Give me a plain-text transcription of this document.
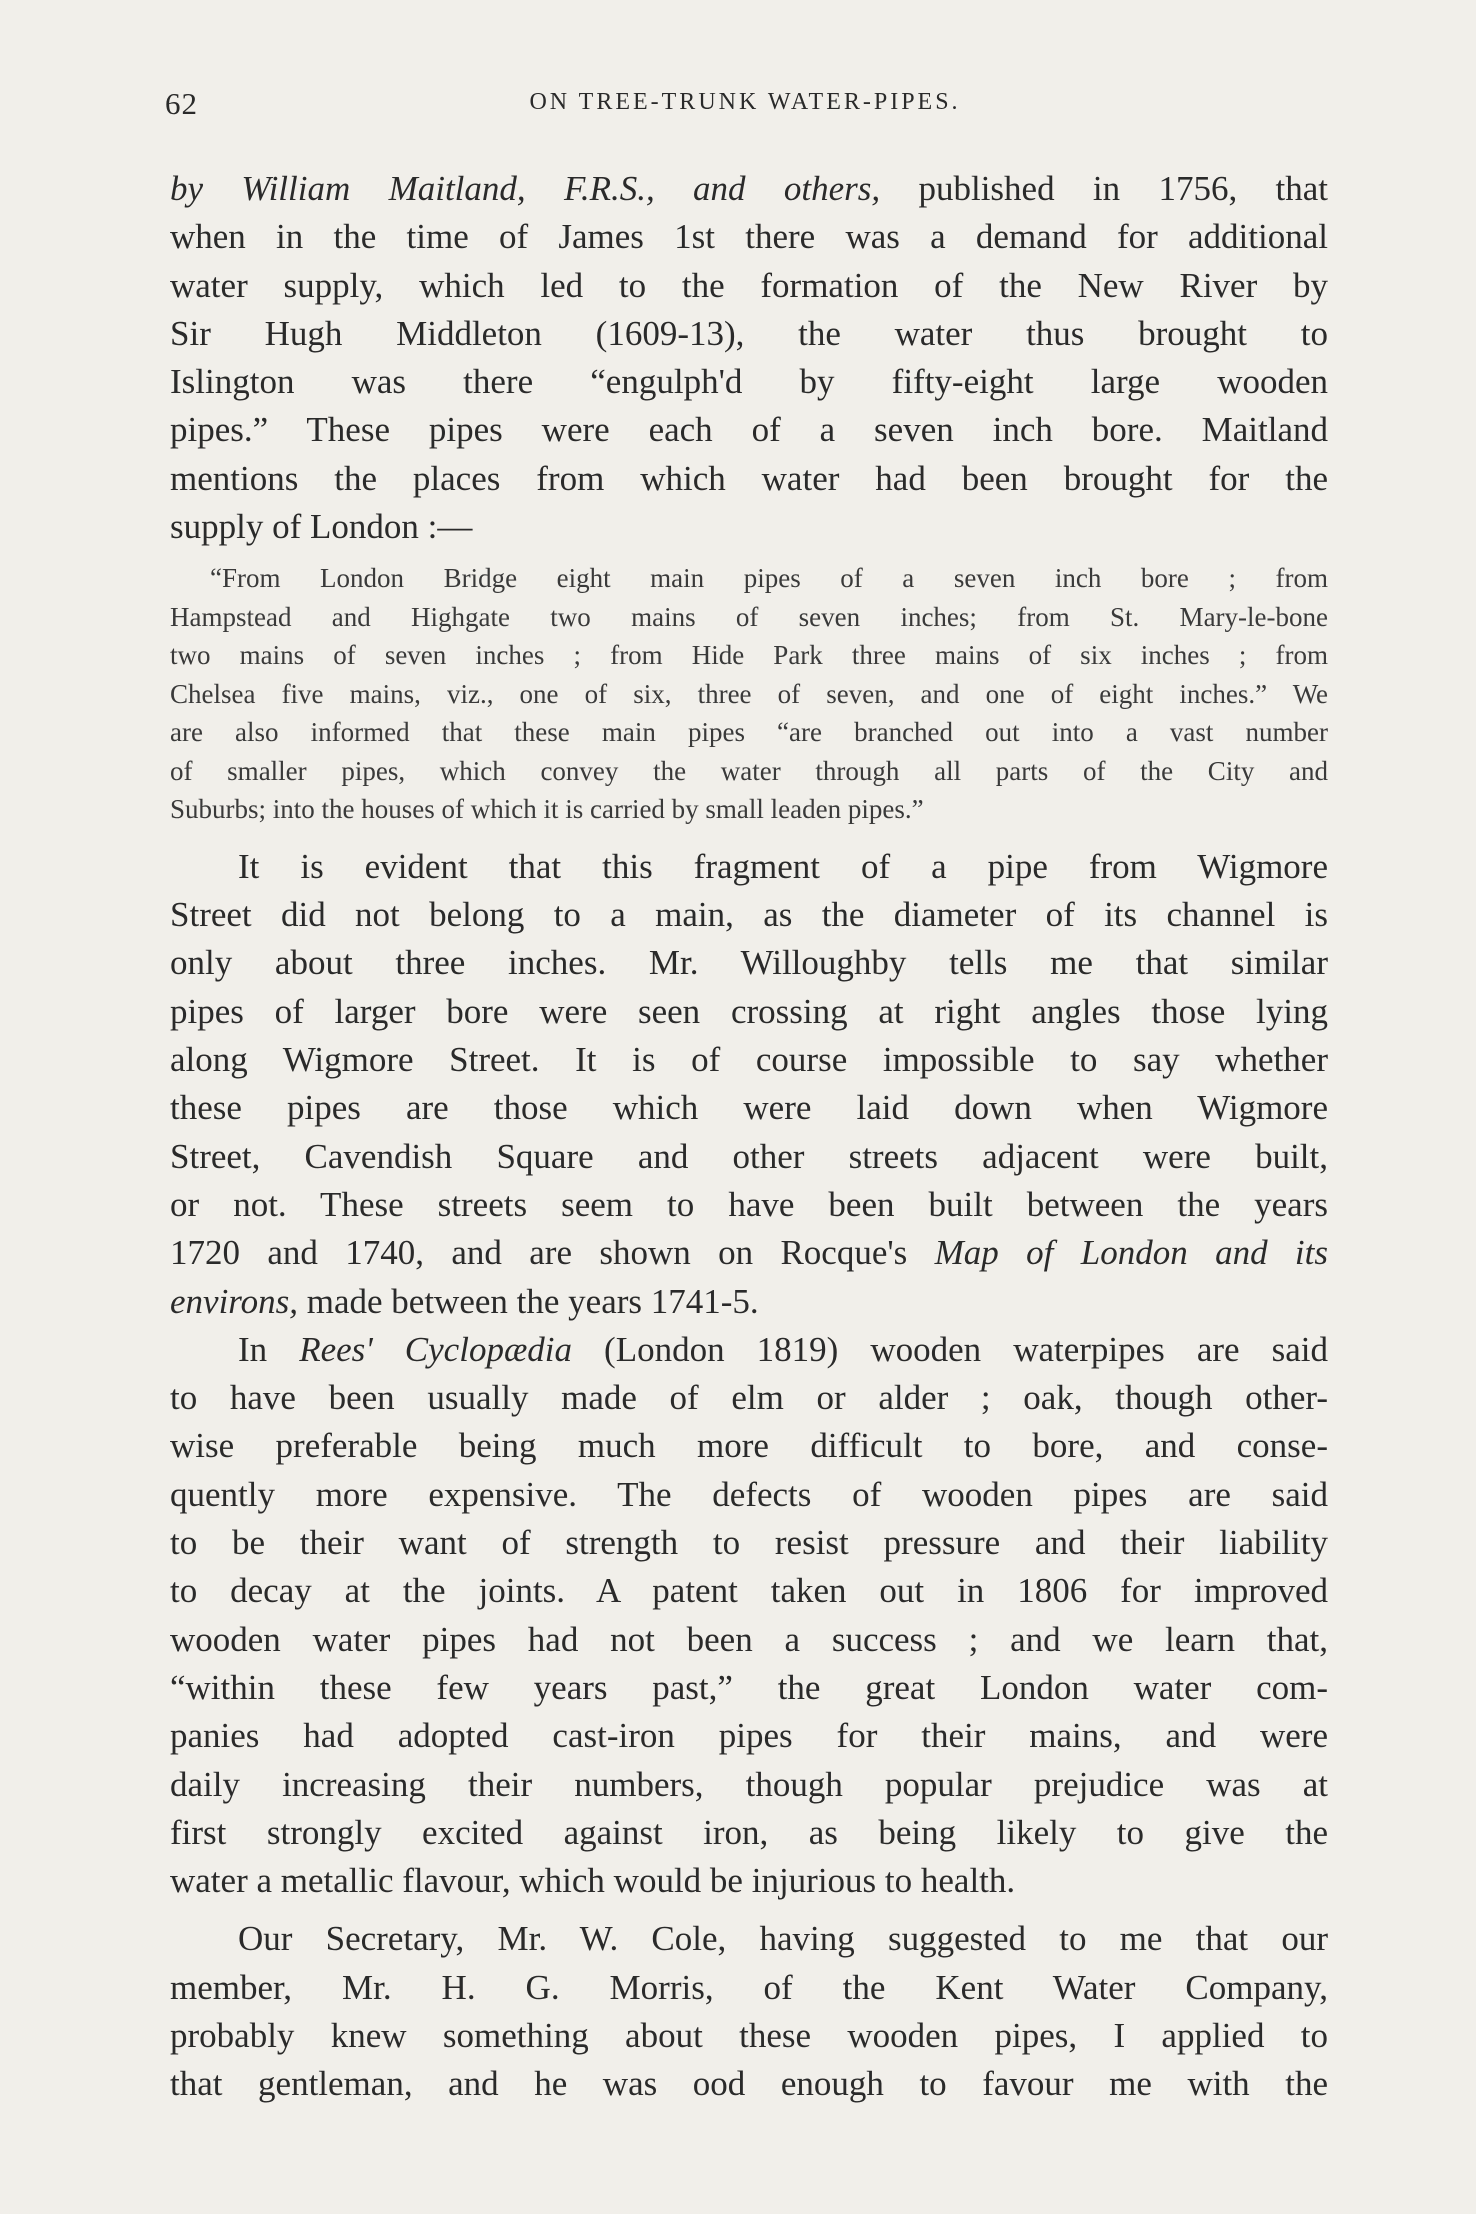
62	ON TREE-TRUNK WATER-PIPES.

by William Maitland, F.R.S., and others, published in 1756, that
when in the time of James 1st there was a demand for additional
water supply, which led to the formation of the New River by
Sir Hugh Middleton (1609-13), the water thus brought to
Islington was there “engulph'd by fifty-eight large wooden
pipes.” These pipes were each of a seven inch bore. Maitland
mentions the places from which water had been brought for the
supply of London :—

“From London Bridge eight main pipes of a seven inch bore ; from
Hampstead and Highgate two mains of seven inches; from St. Mary-le-bone
two mains of seven inches ; from Hide Park three mains of six inches ; from
Chelsea five mains, viz., one of six, three of seven, and one of eight inches.” We
are also informed that these main pipes “are branched out into a vast number
of smaller pipes, which convey the water through all parts of the City and
Suburbs; into the houses of which it is carried by small leaden pipes.”

It is evident that this fragment of a pipe from Wigmore
Street did not belong to a main, as the diameter of its channel is
only about three inches. Mr. Willoughby tells me that similar
pipes of larger bore were seen crossing at right angles those lying
along Wigmore Street. It is of course impossible to say whether
these pipes are those which were laid down when Wigmore
Street, Cavendish Square and other streets adjacent were built,
or not. These streets seem to have been built between the years
1720 and 1740, and are shown on Rocque's Map of London and its
environs, made between the years 1741-5.

In Rees' Cyclopædia (London 1819) wooden waterpipes are said
to have been usually made of elm or alder ; oak, though other-
wise preferable being much more difficult to bore, and conse-
quently more expensive. The defects of wooden pipes are said
to be their want of strength to resist pressure and their liability
to decay at the joints. A patent taken out in 1806 for improved
wooden water pipes had not been a success ; and we learn that,
“within these few years past,” the great London water com-
panies had adopted cast-iron pipes for their mains, and were
daily increasing their numbers, though popular prejudice was at
first strongly excited against iron, as being likely to give the
water a metallic flavour, which would be injurious to health.

Our Secretary, Mr. W. Cole, having suggested to me that our
member, Mr. H. G. Morris, of the Kent Water Company,
probably knew something about these wooden pipes, I applied to
that gentleman, and he was ood enough to favour me with the
